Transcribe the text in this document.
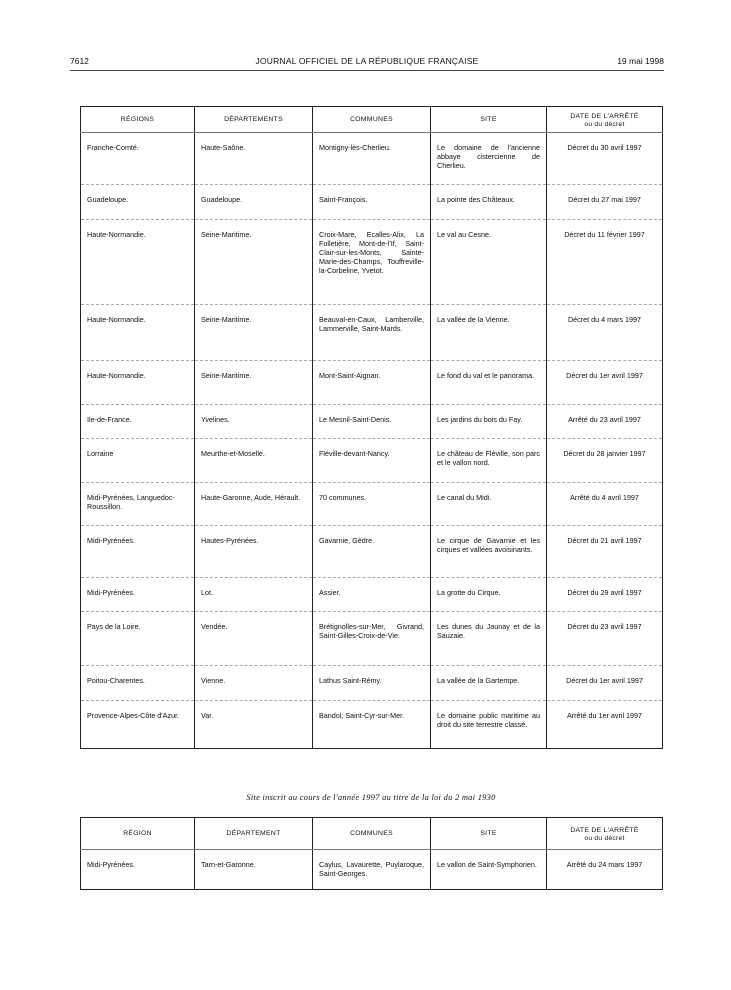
7612	JOURNAL OFFICIEL DE LA RÉPUBLIQUE FRANÇAISE	19 mai 1998
RÉGIONS	DÉPARTEMENTS	COMMUNES	SITE	DATE DE L'ARRÊTÉ
ou du décret

Franche-Comté.	Haute-Saône.	Montigny-lès-Cherlieu.	Le domaine de l'ancienne abbaye cistercienne de Cherlieu.	Décret du 30 avril 1997
Guadeloupe.	Guadeloupe.	Saint-François.	La pointe des Châteaux.	Décret du 27 mai 1997
Haute-Normandie.	Seine-Maritime.	Croix-Mare, Ecalles-Alix, La Folletière, Mont-de-l'If, Saint-Clair-sur-les-Monts, Sainte-Marie-des-Champs, Touffreville-la-Corbeline, Yvetot.	Le val au Cesne.	Décret du 11 février 1997
Haute-Normandie.	Seine-Maritime.	Beauval-en-Caux, Lamberville, Lammerville, Saint-Mards.	La vallée de la Vienne.	Décret du 4 mars 1997
Haute-Normandie.	Seine-Maritime.	Mont-Saint-Aignan.	Le fond du val et le panorama.	Décret du 1er avril 1997
Ile-de-France.	Yvelines.	Le Mesnil-Saint-Denis.	Les jardins du bois du Fay.	Arrêté du 23 avril 1997
Lorraine	Meurthe-et-Moselle.	Fléville-devant-Nancy.	Le château de Fléville, son parc et le vallon nord.	Décret du 28 janvier 1997
Midi-Pyrénées, Languedoc-Roussillon.	Haute-Garonne, Aude, Hérault.	70 communes.	Le canal du Midi.	Arrêté du 4 avril 1997
Midi-Pyrénées.	Hautes-Pyrénées.	Gavarnie, Gèdre.	Le cirque de Gavarnie et les cirques et vallées avoisinants.	Décret du 21 avril 1997
Midi-Pyrénées.	Lot.	Assier.	La grotte du Cirque.	Décret du 29 avril 1997
Pays de la Loire.	Vendée.	Brétignolles-sur-Mer, Givrand, Saint-Gilles-Croix-de-Vie.	Les dunes du Jaunay et de la Sauzaie.	Décret du 23 avril 1997
Poitou-Charentes.	Vienne.	Lathus Saint-Rémy.	La vallée de la Gartempe.	Décret du 1er avril 1997
Provence-Alpes-Côte d'Azur.	Var.	Bandol, Saint-Cyr-sur-Mer.	Le domaine public maritime au droit du site terrestre classé.	Arrêté du 1er avril 1997
Site inscrit au cours de l'année 1997 au titre de la loi du 2 mai 1930
RÉGION	DÉPARTEMENT	COMMUNES	SITE	DATE DE L'ARRÊTÉ
ou du décret

Midi-Pyrénées.	Tarn-et-Garonne.	Caylus, Lavaurette, Puylaroque, Saint-Georges.	Le vallon de Saint-Symphorien.	Arrêté du 24 mars 1997
